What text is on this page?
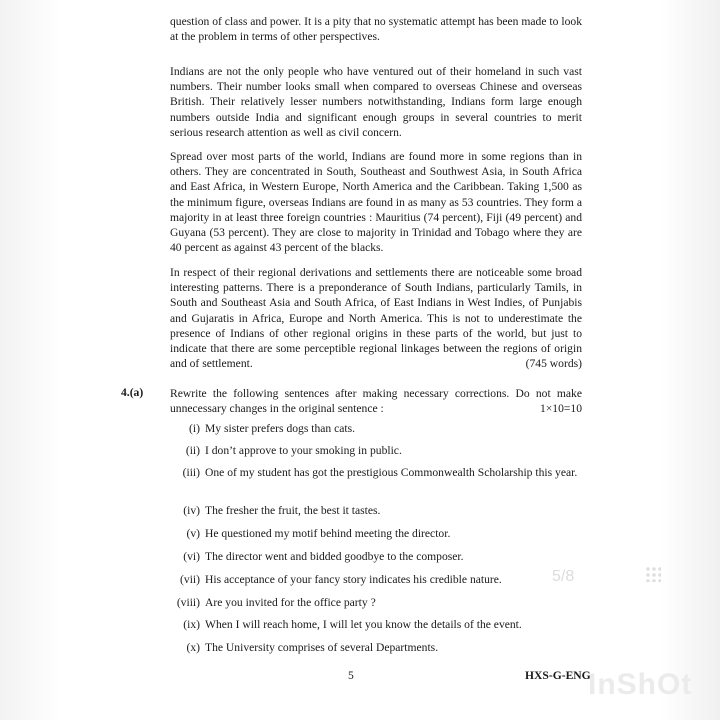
question of class and power. It is a pity that no systematic attempt has been made to look at the problem in terms of other perspectives.

Indians are not the only people who have ventured out of their homeland in such vast numbers. Their number looks small when compared to overseas Chinese and overseas British. Their relatively lesser numbers notwithstanding, Indians form large enough numbers outside India and significant enough groups in several countries to merit serious research attention as well as civil concern.

Spread over most parts of the world, Indians are found more in some regions than in others. They are concentrated in South, Southeast and Southwest Asia, in South Africa and East Africa, in Western Europe, North America and the Caribbean. Taking 1,500 as the minimum figure, overseas Indians are found in as many as 53 countries. They form a majority in at least three foreign countries : Mauritius (74 percent), Fiji (49 percent) and Guyana (53 percent). They are close to majority in Trinidad and Tobago where they are 40 percent as against 43 percent of the blacks.

In respect of their regional derivations and settlements there are noticeable some broad interesting patterns. There is a preponderance of South Indians, particularly Tamils, in South and Southeast Asia and South Africa, of East Indians in West Indies, of Punjabis and Gujaratis in Africa, Europe and North America. This is not to underestimate the presence of Indians of other regional origins in these parts of the world, but just to indicate that there are some perceptible regional linkages between the regions of origin and of settlement.	(745 words)

4.(a) Rewrite the following sentences after making necessary corrections. Do not make unnecessary changes in the original sentence :	1×10=10
(i) My sister prefers dogs than cats.
(ii) I don’t approve to your smoking in public.
(iii) One of my student has got the prestigious Commonwealth Scholarship this year.
(iv) The fresher the fruit, the best it tastes.
(v) He questioned my motif behind meeting the director.
(vi) The director went and bidded goodbye to the composer.
(vii) His acceptance of your fancy story indicates his credible nature.
(viii) Are you invited for the office party ?
(ix) When I will reach home, I will let you know the details of the event.
(x) The University comprises of several Departments.
5	HXS-G-ENG
5/8
InShOt
